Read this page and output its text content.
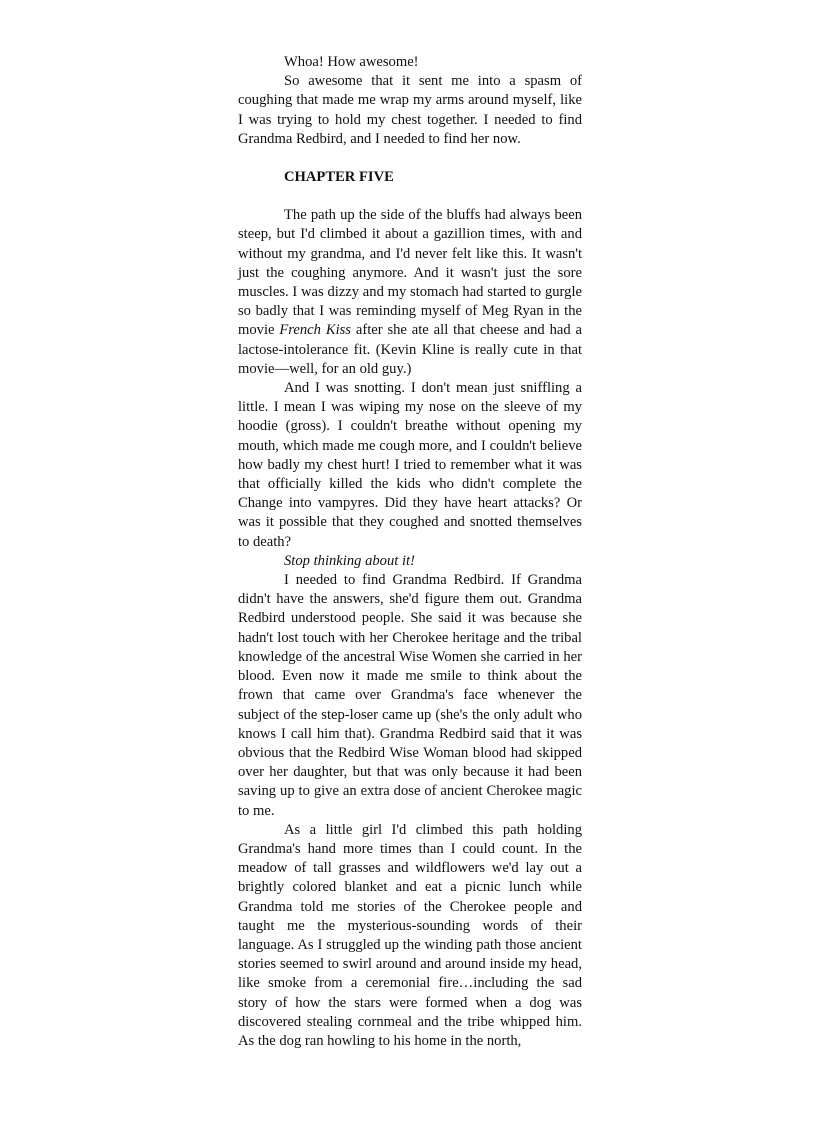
Whoa! How awesome!

So awesome that it sent me into a spasm of coughing that made me wrap my arms around myself, like I was trying to hold my chest together. I needed to find Grandma Redbird, and I needed to find her now.

CHAPTER FIVE

The path up the side of the bluffs had always been steep, but I'd climbed it about a gazillion times, with and without my grandma, and I'd never felt like this. It wasn't just the coughing anymore. And it wasn't just the sore muscles. I was dizzy and my stomach had started to gurgle so badly that I was reminding myself of Meg Ryan in the movie French Kiss after she ate all that cheese and had a lactose-intolerance fit. (Kevin Kline is really cute in that movie—well, for an old guy.)

And I was snotting. I don't mean just sniffling a little. I mean I was wiping my nose on the sleeve of my hoodie (gross). I couldn't breathe without opening my mouth, which made me cough more, and I couldn't believe how badly my chest hurt! I tried to remember what it was that officially killed the kids who didn't complete the Change into vampyres. Did they have heart attacks? Or was it possible that they coughed and snotted themselves to death?

Stop thinking about it!

I needed to find Grandma Redbird. If Grandma didn't have the answers, she'd figure them out. Grandma Redbird understood people. She said it was because she hadn't lost touch with her Cherokee heritage and the tribal knowledge of the ancestral Wise Women she carried in her blood. Even now it made me smile to think about the frown that came over Grandma's face whenever the subject of the step-loser came up (she's the only adult who knows I call him that). Grandma Redbird said that it was obvious that the Redbird Wise Woman blood had skipped over her daughter, but that was only because it had been saving up to give an extra dose of ancient Cherokee magic to me.

As a little girl I'd climbed this path holding Grandma's hand more times than I could count. In the meadow of tall grasses and wildflowers we'd lay out a brightly colored blanket and eat a picnic lunch while Grandma told me stories of the Cherokee people and taught me the mysterious-sounding words of their language. As I struggled up the winding path those ancient stories seemed to swirl around and around inside my head, like smoke from a ceremonial fire…including the sad story of how the stars were formed when a dog was discovered stealing cornmeal and the tribe whipped him. As the dog ran howling to his home in the north,
